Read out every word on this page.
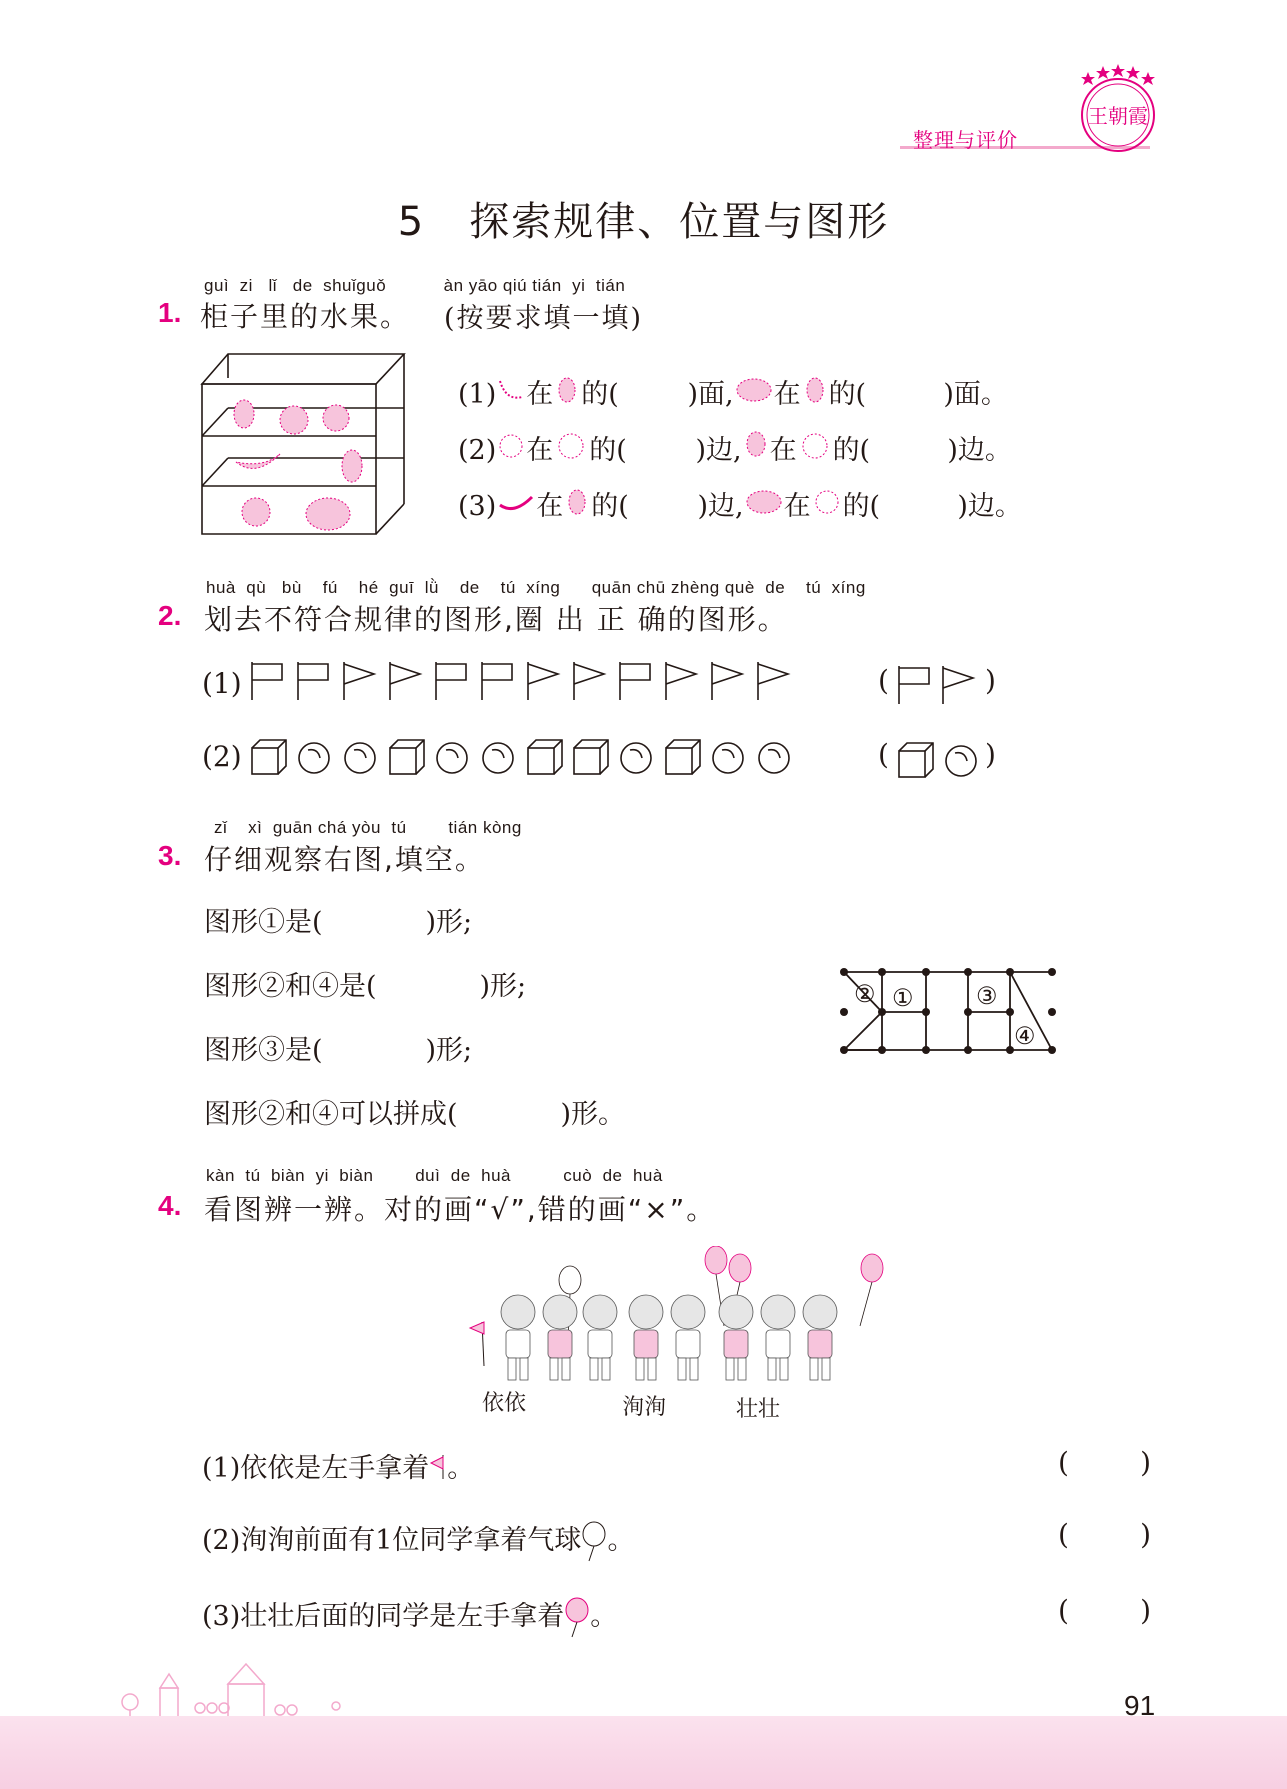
整理与评价
王朝霞
5   探索规律、位置与图形
guì  zi   lǐ   de  shuǐguǒ           àn yāo qiú tián  yi  tián
1. 柜子里的水果。 (按要求填一填)
(1) 在 的(        )面, 在 的(         )面。
(2) 在 的(        )边, 在 的(         )边。
(3) 在 的(        )边, 在 的(         )边。
huà  qù   bù    fú    hé  guī  lǜ    de    tú  xíng      quān chū zhèng què  de    tú  xíng
2. 划去不符合规律的图形,圈 出 正 确的图形。
(1)	(	)
(2)	(	)
zǐ    xì  guān chá yòu  tú        tián kòng
3. 仔细观察右图,填空。
图形①是(            )形;
图形②和④是(            )形;
图形③是(            )形;
图形②和④可以拼成(            )形。
② ①	③
④
kàn  tú  biàn  yi  biàn        duì  de  huà          cuò  de  huà
4. 看图辨一辨。对的画“√”,错的画“×”。
依依	洵洵	壮壮
(1)依依是左手拿着 。	(        )
(2)洵洵前面有1位同学拿着气球 。	(        )
(3)壮壮后面的同学是左手拿着 。	(        )
91
